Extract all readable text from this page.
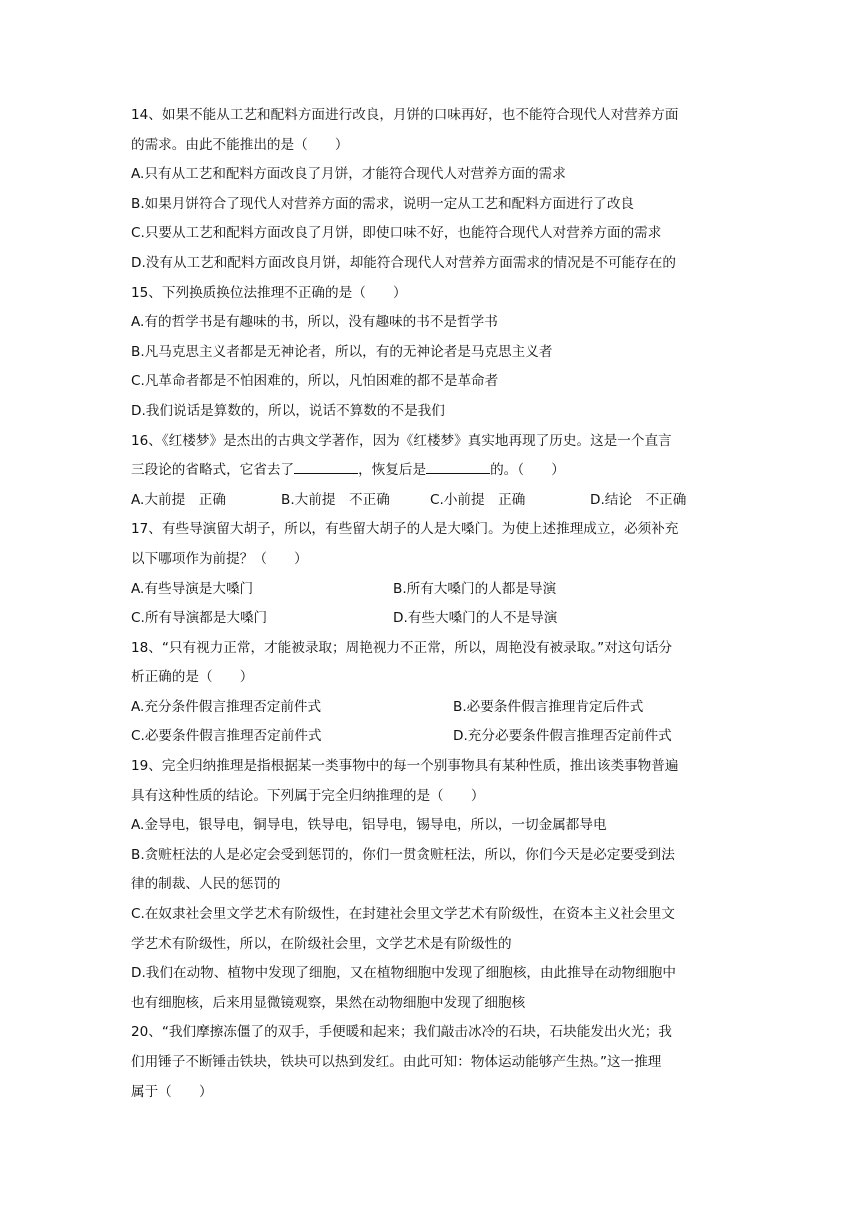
14、如果不能从工艺和配料方面进行改良，月饼的口味再好，也不能符合现代人对营养方面
的需求。由此不能推出的是（　　）
A.只有从工艺和配料方面改良了月饼，才能符合现代人对营养方面的需求
B.如果月饼符合了现代人对营养方面的需求，说明一定从工艺和配料方面进行了改良
C.只要从工艺和配料方面改良了月饼，即使口味不好，也能符合现代人对营养方面的需求
D.没有从工艺和配料方面改良月饼，却能符合现代人对营养方面需求的情况是不可能存在的
15、下列换质换位法推理不正确的是（　　）
A.有的哲学书是有趣味的书，所以，没有趣味的书不是哲学书
B.凡马克思主义者都是无神论者，所以，有的无神论者是马克思主义者
C.凡革命者都是不怕困难的，所以，凡怕困难的都不是革命者
D.我们说话是算数的，所以，说话不算数的不是我们
16、《红楼梦》是杰出的古典文学著作，因为《红楼梦》真实地再现了历史。这是一个直言
三段论的省略式，它省去了	，恢复后是	的。（　　）
A.大前提　正确	B.大前提　不正确	C.小前提　正确	D.结论　不正确
17、有些导演留大胡子，所以，有些留大胡子的人是大嗓门。为使上述推理成立，必须补充
以下哪项作为前提？（　　）
A.有些导演是大嗓门	B.所有大嗓门的人都是导演
C.所有导演都是大嗓门	D.有些大嗓门的人不是导演
18、“只有视力正常，才能被录取；周艳视力不正常，所以，周艳没有被录取。”对这句话分
析正确的是（　　）
A.充分条件假言推理否定前件式	B.必要条件假言推理肯定后件式
C.必要条件假言推理否定前件式	D.充分必要条件假言推理否定前件式
19、完全归纳推理是指根据某一类事物中的每一个别事物具有某种性质，推出该类事物普遍
具有这种性质的结论。下列属于完全归纳推理的是（　　）
A.金导电，银导电，铜导电，铁导电，铝导电，锡导电，所以，一切金属都导电
B.贪赃枉法的人是必定会受到惩罚的，你们一贯贪赃枉法，所以，你们今天是必定要受到法
律的制裁、人民的惩罚的
C.在奴隶社会里文学艺术有阶级性，在封建社会里文学艺术有阶级性，在资本主义社会里文
学艺术有阶级性，所以，在阶级社会里，文学艺术是有阶级性的
D.我们在动物、植物中发现了细胞，又在植物细胞中发现了细胞核，由此推导在动物细胞中
也有细胞核，后来用显微镜观察，果然在动物细胞中发现了细胞核
20、“我们摩擦冻僵了的双手，手便暖和起来；我们敲击冰冷的石块，石块能发出火光；我
们用锤子不断锤击铁块，铁块可以热到发红。由此可知：物体运动能够产生热。”这一推理
属于（　　）
